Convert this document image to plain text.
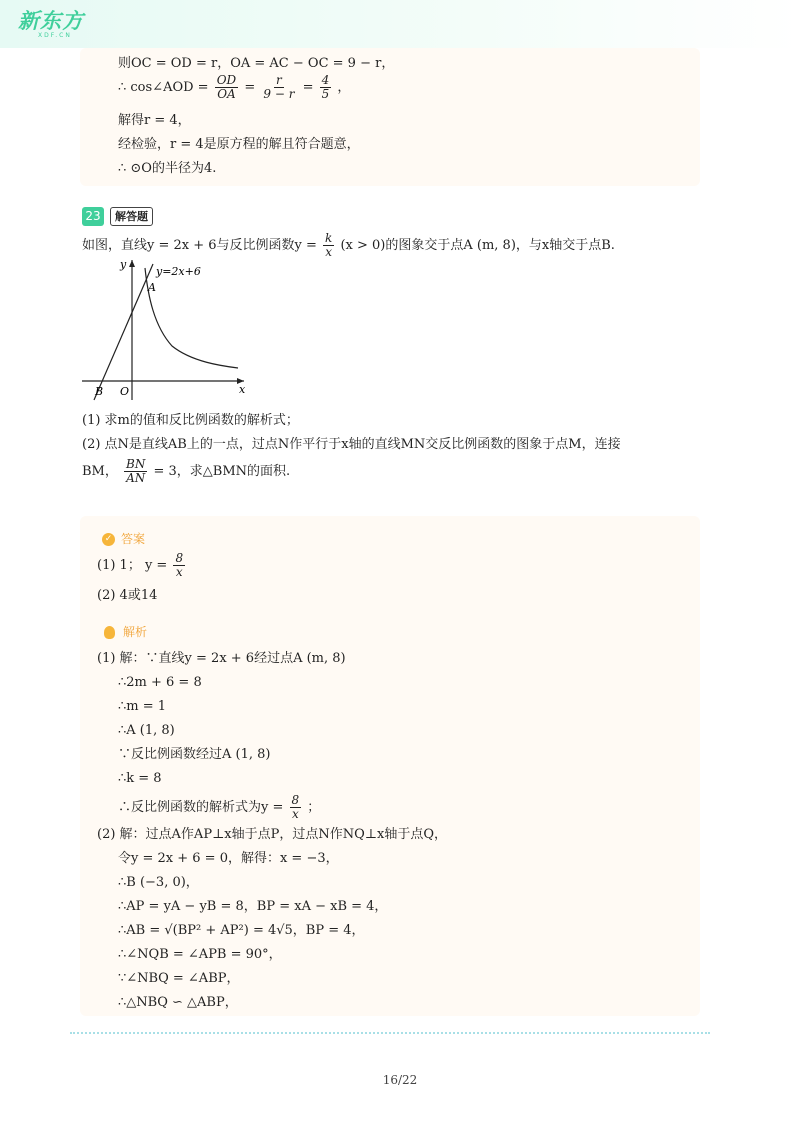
新东方
XDF.CN
则OC = OD = r，OA = AC − OC = 9 − r，
∴ cos∠AOD = $\frac{OD}{OA} = \frac{r}{9 - r} = \frac{4}{5}$ ，
解得r = 4，
经检验，r = 4是原方程的解且符合题意，
∴ ⊙O的半径为4.
23	解答题
如图，直线y = 2x + 6与反比例函数$y = \frac{k}{x} (x > 0)$的图象交于点A (m, 8)，与x轴交于点B.
y
x
y=2x+6
A
B O
(1) 求m的值和反比例函数的解析式；
(2) 点N是直线AB上的一点，过点N作平行于x轴的直线MN交反比例函数的图象于点M，连接
BM， $\frac{BN}{AN} = 3$，求△BMN的面积.
✓ 答案
(1) 1； $y = \frac{8}{x}$
(2) 4或14
解析
(1) 解：∵直线y = 2x + 6经过点A (m, 8)
∴2m + 6 = 8
∴m = 1
∴A (1, 8)
∵反比例函数经过A (1, 8)
∴k = 8
∴反比例函数的解析式为$y = \frac{8}{x}$ ；
(2) 解：过点A作AP⊥x轴于点P，过点N作NQ⊥x轴于点Q，
令y = 2x + 6 = 0，解得：x = −3，
∴B (−3, 0)，
∴AP = yA − yB = 8，BP = xA − xB = 4，
∴AB = √(BP² + AP²) = 4√5，BP = 4，
∴∠NQB = ∠APB = 90°，
∵∠NBQ = ∠ABP，
∴△NBQ ∽ △ABP，
16/22
